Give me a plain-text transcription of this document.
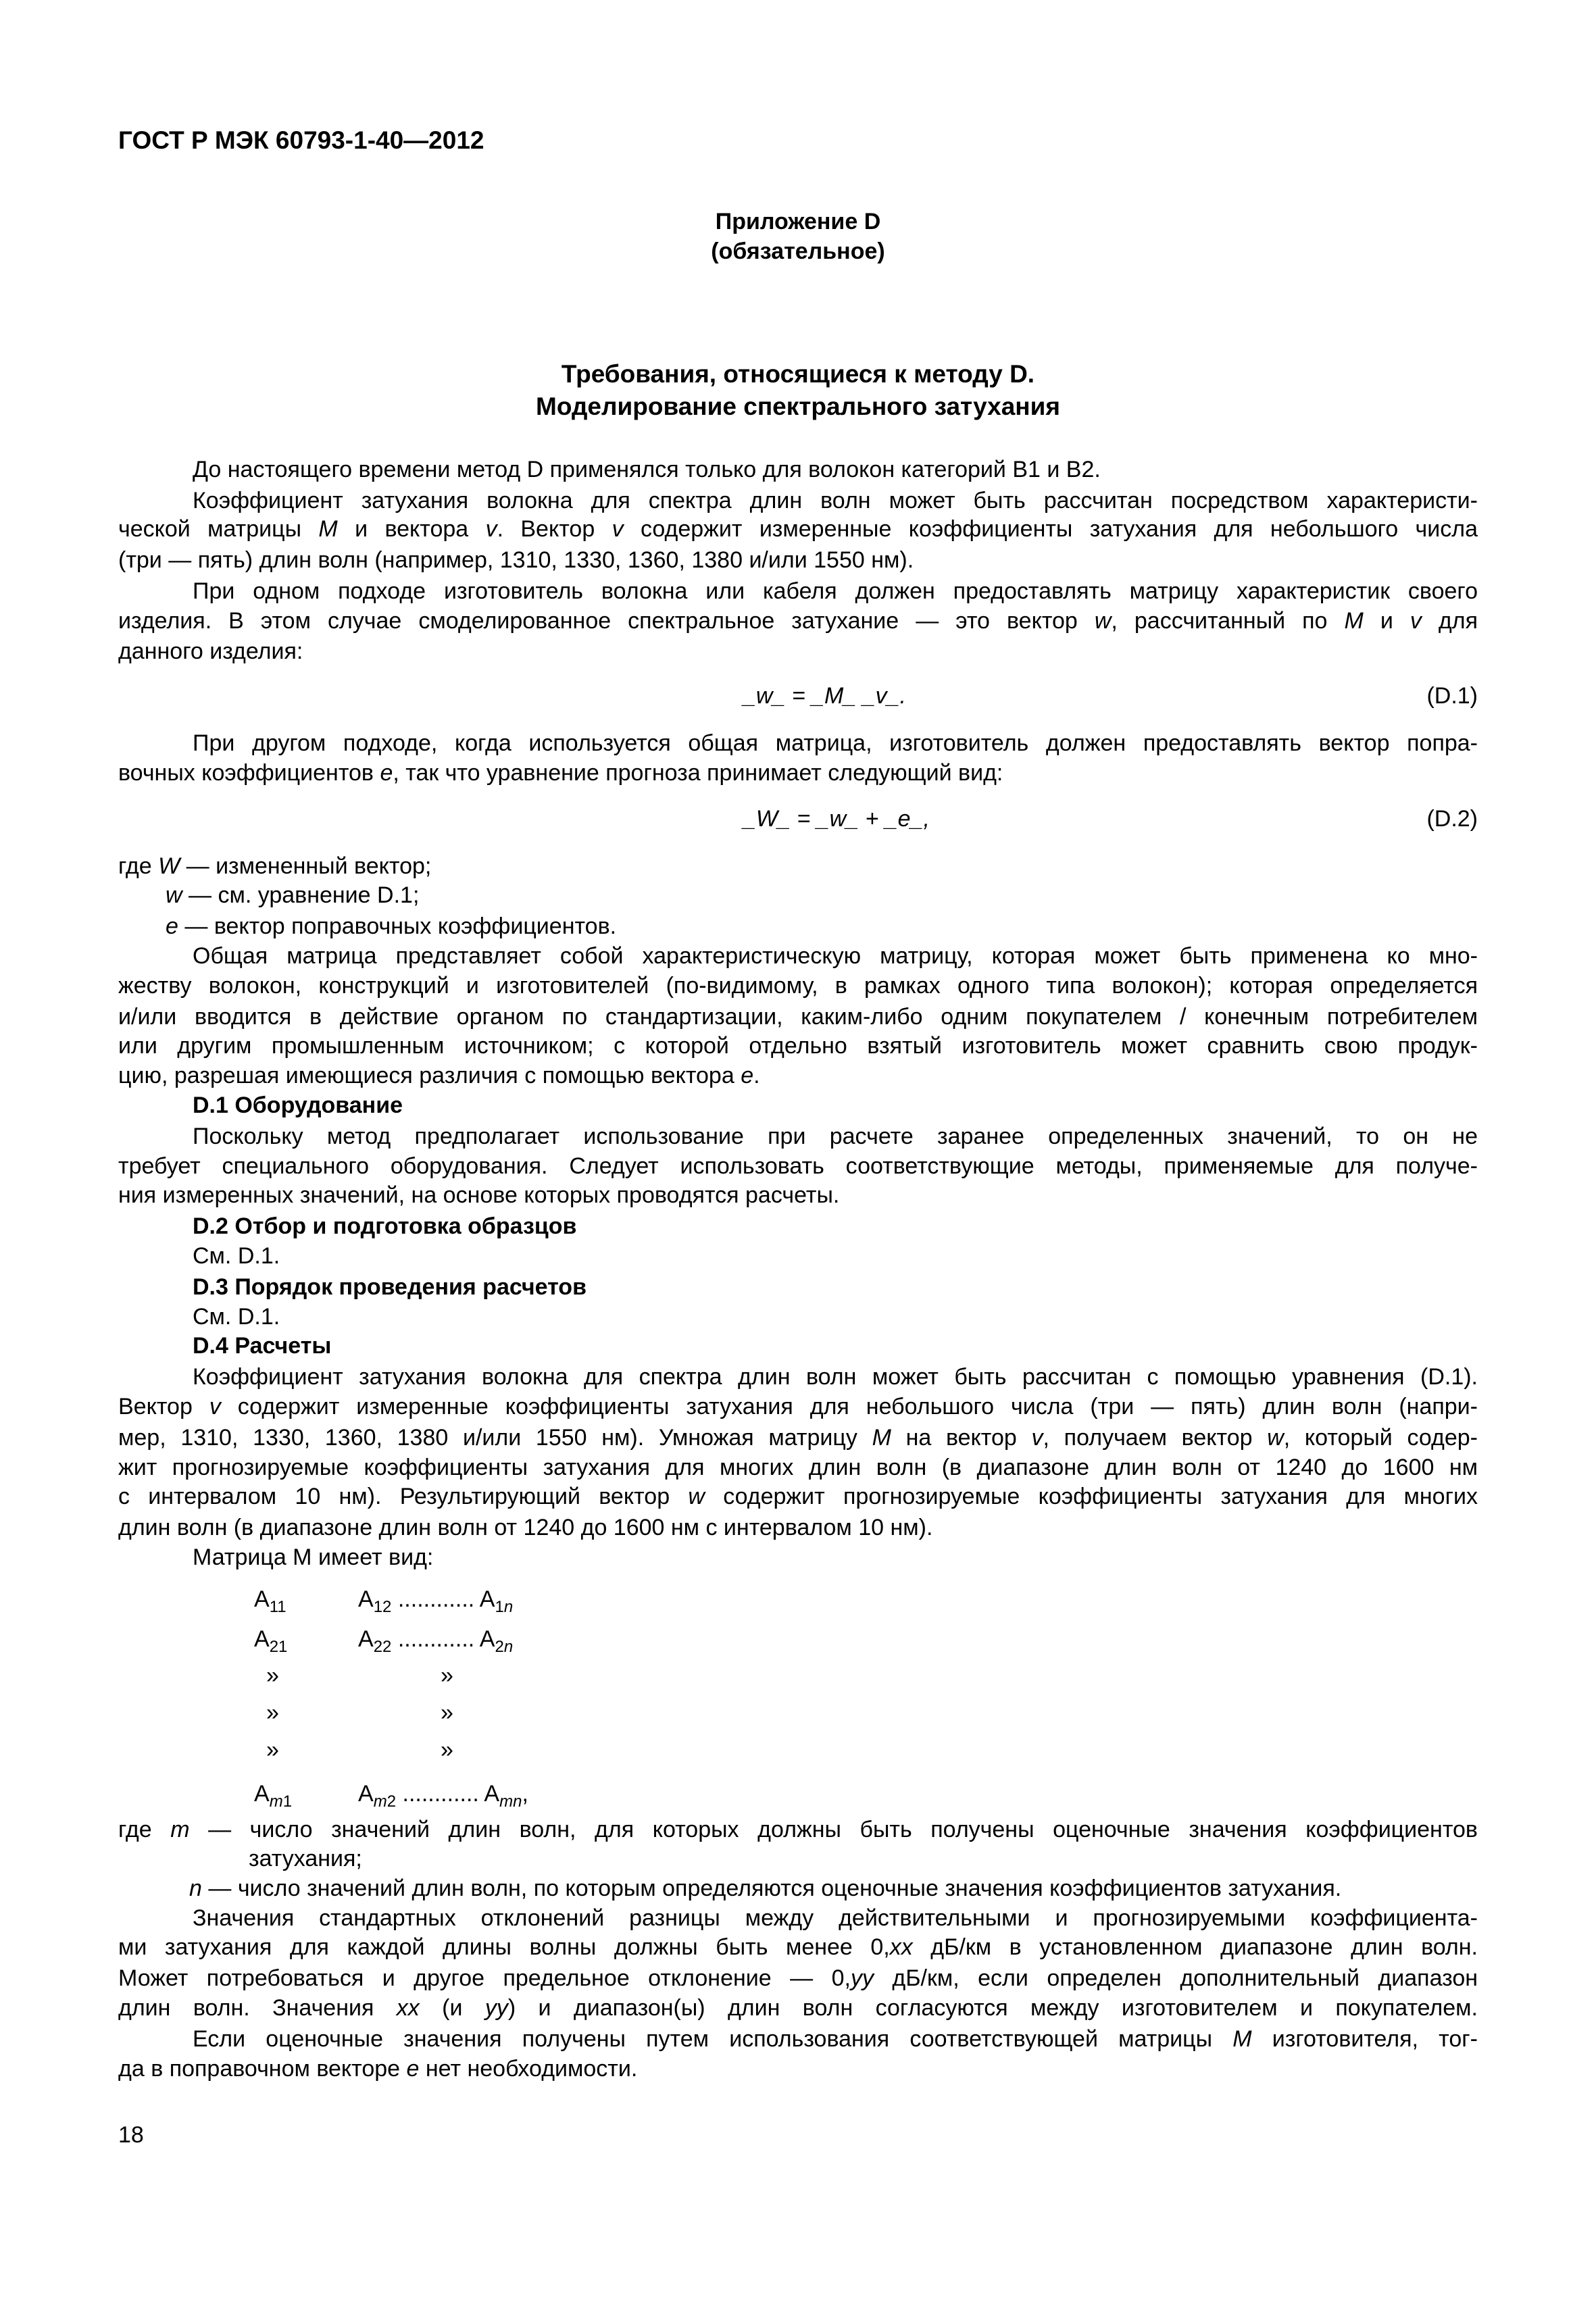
ГОСТ Р МЭК 60793-1-40—2012
Приложение D
(обязательное)
Требования, относящиеся к методу D.
Моделирование спектрального затухания
До настоящего времени метод D применялся только для волокон категорий B1 и B2.
Коэффициент затухания волокна для спектра длин волн может быть рассчитан посредством характеристи-
ческой матрицы M и вектора v. Вектор v содержит измеренные коэффициенты затухания для небольшого числа
(три — пять) длин волн (например, 1310, 1330, 1360, 1380 и/или 1550 нм).
При одном подходе изготовитель волокна или кабеля должен предоставлять матрицу характеристик своего
изделия. В этом случае смоделированное спектральное затухание — это вектор w, рассчитанный по M и v для
данного изделия:
При другом подходе, когда используется общая матрица, изготовитель должен предоставлять вектор попра-
вочных коэффициентов e, так что уравнение прогноза принимает следующий вид:
где W — измененный вектор;
w — см. уравнение D.1;
e — вектор поправочных коэффициентов.
Общая матрица представляет собой характеристическую матрицу, которая может быть применена ко мно-
жеству волокон, конструкций и изготовителей (по-видимому, в рамках одного типа волокон); которая определяется
и/или вводится в действие органом по стандартизации, каким-либо одним покупателем / конечным потребителем
или другим промышленным источником; с которой отдельно взятый изготовитель может сравнить свою продук-
цию, разрешая имеющиеся различия с помощью вектора e.
D.1 Оборудование
Поскольку метод предполагает использование при расчете заранее определенных значений, то он не
требует специального оборудования. Следует использовать соответствующие методы, применяемые для получе-
ния измеренных значений, на основе которых проводятся расчеты.
D.2 Отбор и подготовка образцов
См. D.1.
D.3 Порядок проведения расчетов
См. D.1.
D.4 Расчеты
Коэффициент затухания волокна для спектра длин волн может быть рассчитан с помощью уравнения (D.1).
Вектор v содержит измеренные коэффициенты затухания для небольшого числа (три — пять) длин волн (напри-
мер, 1310, 1330, 1360, 1380 и/или 1550 нм). Умножая матрицу M на вектор v, получаем вектор w, который содер-
жит прогнозируемые коэффициенты затухания для многих длин волн (в диапазоне длин волн от 1240 до 1600 нм
с интервалом 10 нм). Результирующий вектор w содержит прогнозируемые коэффициенты затухания для многих
длин волн (в диапазоне длин волн от 1240 до 1600 нм с интервалом 10 нм).
Матрица M имеет вид:
где m — число значений длин волн, для которых должны быть получены оценочные значения коэффициентов
затухания;
n — число значений длин волн, по которым определяются оценочные значения коэффициентов затухания.
Значения стандартных отклонений разницы между действительными и прогнозируемыми коэффициента-
ми затухания для каждой длины волны должны быть менее 0,xx дБ/км в установленном диапазоне длин волн.
Может потребоваться и другое предельное отклонение — 0,yy дБ/км, если определен дополнительный диапазон
длин волн. Значения xx (и yy) и диапазон(ы) длин волн согласуются между изготовителем и покупателем.
Если оценочные значения получены путем использования соответствующей матрицы M изготовителя, тог-
да в поправочном векторе e нет необходимости.
_w_ = _M_ _v_.	(D.1)
_W_ = _w_ + _e_,	(D.2)
$A_{11}$	$A_{12}$ ............ $A_{1n}$
$A_{21}$	$A_{22}$ ............ $A_{2n}$
»	»
»	»
»	»
$A_{m1}$	$A_{m2}$ ............ $A_{mn}$,
18
